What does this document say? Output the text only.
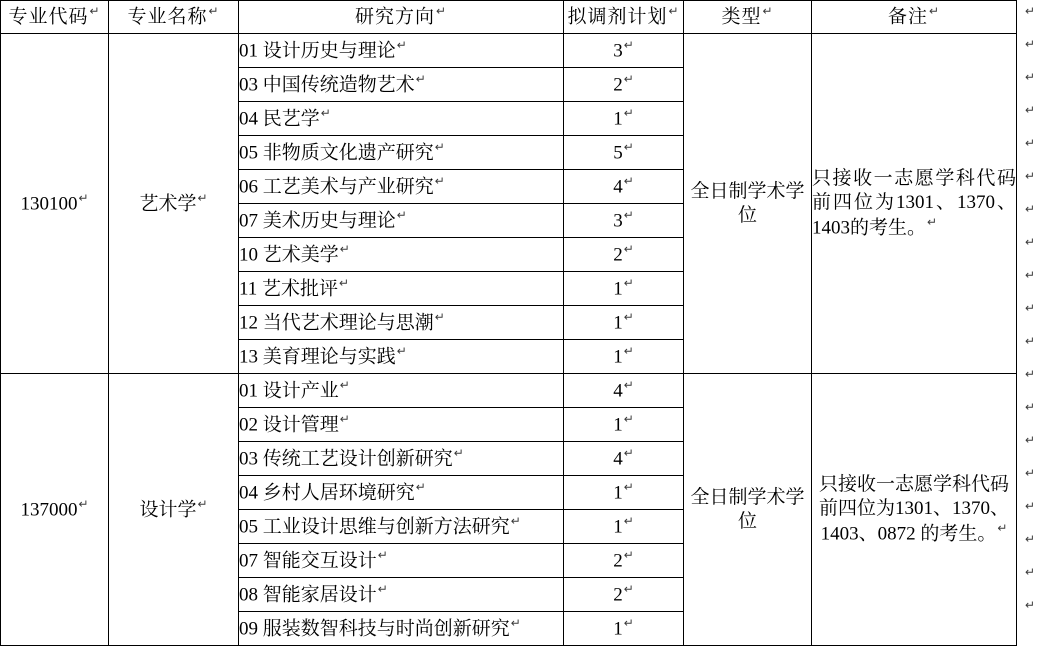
专业代码↵	专业名称↵	研究方向↵	拟调剂计划↵	类型↵	备注↵
130100↵	艺术学↵	01 设计历史与理论↵	3↵	全日制学术学位	只接收一志愿学科代码前四位为1301、1370、1403的考生。↵
		03 中国传统造物艺术↵	2↵
		04 民艺学↵	1↵
		05 非物质文化遗产研究↵	5↵
		06 工艺美术与产业研究↵	4↵
		07 美术历史与理论↵	3↵
		10 艺术美学↵	2↵
		11 艺术批评↵	1↵
		12 当代艺术理论与思潮↵	1↵
		13 美育理论与实践↵	1↵
137000↵	设计学↵	01 设计产业↵	4↵	全日制学术学位	只接收一志愿学科代码前四位为1301、1370、1403、0872 的考生。↵
		02 设计管理↵	1↵
		03 传统工艺设计创新研究↵	4↵
		04 乡村人居环境研究↵	1↵
		05 工业设计思维与创新方法研究↵	1↵
		07 智能交互设计↵	2↵
		08 智能家居设计↵	2↵
		09 服装数智科技与时尚创新研究↵	1↵
↵
↵
↵
↵
↵
↵
↵
↵
↵
↵
↵
↵
↵
↵
↵
↵
↵
↵
↵
